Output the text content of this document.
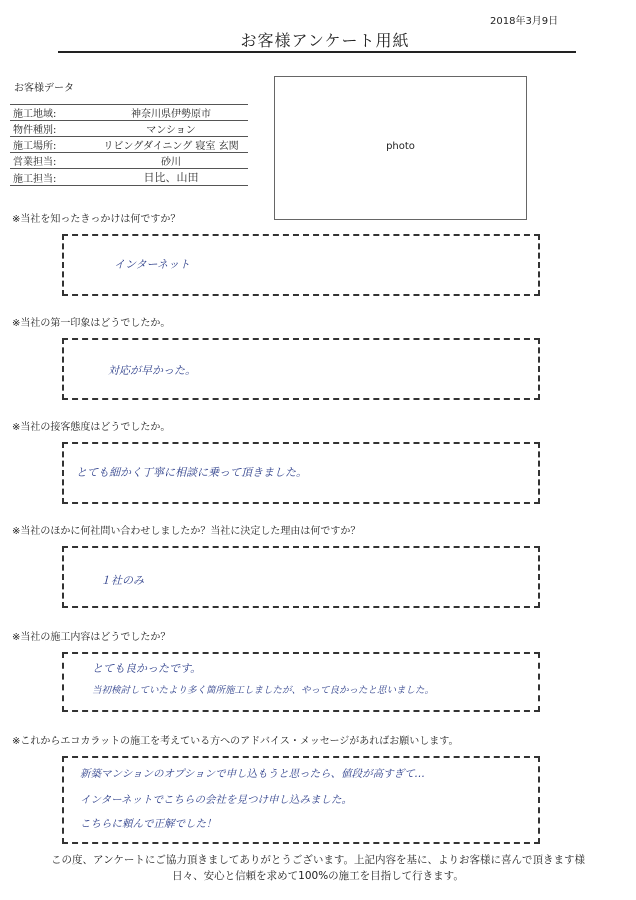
2018年3月9日
お客様アンケート用紙
お客様データ
施工地域:	神奈川県伊勢原市
物件種別:	マンション
施工場所:	リビングダイニング 寝室 玄関
営業担当:	砂川
施工担当:	日比、山田
photo
※当社を知ったきっかけは何ですか？
インターネット
※当社の第一印象はどうでしたか。
対応が早かった。
※当社の接客態度はどうでしたか。
とても細かく丁寧に相談に乗って頂きました。
※当社のほかに何社問い合わせしましたか？当社に決定した理由は何ですか？
１社のみ
※当社の施工内容はどうでしたか？
とても良かったです。
当初検討していたより多く箇所施工しましたが、やって良かったと思いました。
※これからエコカラットの施工を考えている方へのアドバイス・メッセージがあればお願いします。
新築マンションのオプションで申し込もうと思ったら、値段が高すぎて…
インターネットでこちらの会社を見つけ申し込みました。
こちらに頼んで正解でした！
この度、アンケートにご協力頂きましてありがとうございます。上記内容を基に、よりお客様に喜んで頂きます様
日々、安心と信頼を求めて100%の施工を目指して行きます。
